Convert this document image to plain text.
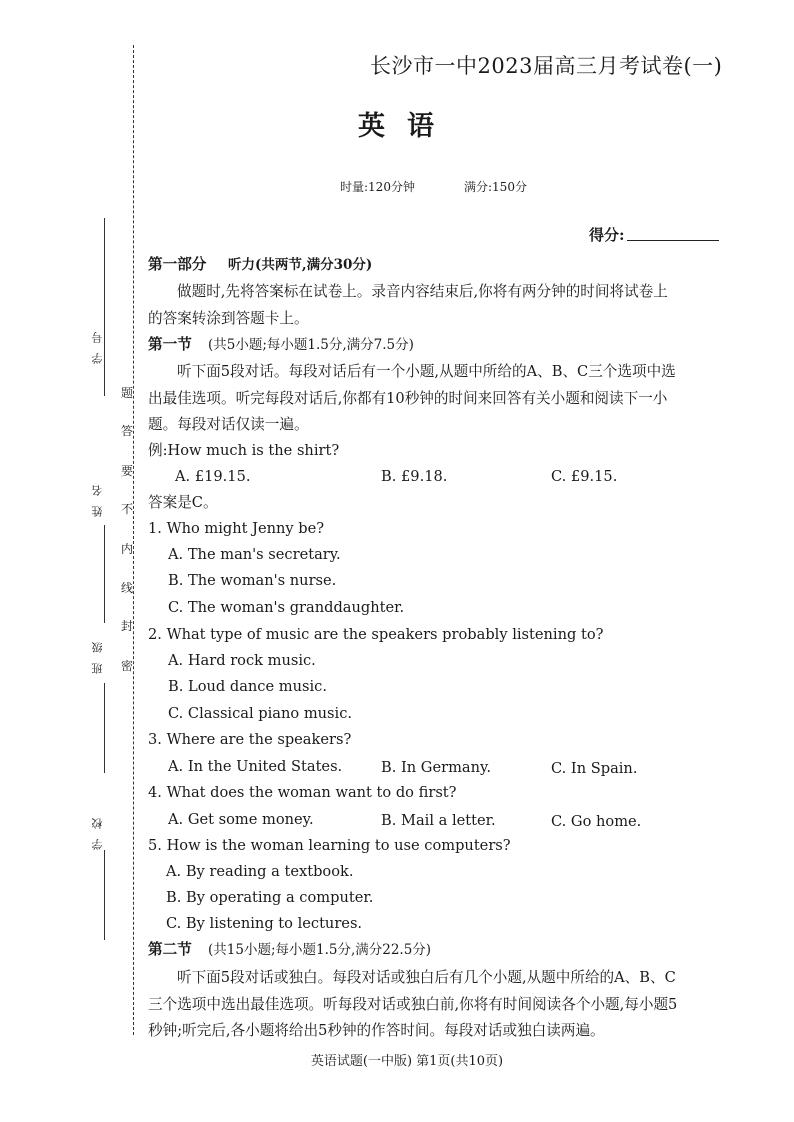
题
答
要
不
内
线
封
密
学号
姓名
班级
学校
长沙市一中2023届高三月考试卷(一)
英语
时量:120分钟	满分:150分
得分:
第一部分 听力(共两节,满分30分)
做题时,先将答案标在试卷上。录音内容结束后,你将有两分钟的时间将试卷上
的答案转涂到答题卡上。
第一节 (共5小题;每小题1.5分,满分7.5分)
听下面5段对话。每段对话后有一个小题,从题中所给的A、B、C三个选项中选
出最佳选项。听完每段对话后,你都有10秒钟的时间来回答有关小题和阅读下一小
题。每段对话仅读一遍。
例:How much is the shirt?
A. £19.15.	B. £9.18.	C. £9.15.
答案是C。
1. Who might Jenny be?
A. The man's secretary.
B. The woman's nurse.
C. The woman's granddaughter.
2. What type of music are the speakers probably listening to?
A. Hard rock music.
B. Loud dance music.
C. Classical piano music.
3. Where are the speakers?
A. In the United States.	B. In Germany.	C. In Spain.
4. What does the woman want to do first?
A. Get some money.	B. Mail a letter.	C. Go home.
5. How is the woman learning to use computers?
A. By reading a textbook.
B. By operating a computer.
C. By listening to lectures.
第二节 (共15小题;每小题1.5分,满分22.5分)
听下面5段对话或独白。每段对话或独白后有几个小题,从题中所给的A、B、C
三个选项中选出最佳选项。听每段对话或独白前,你将有时间阅读各个小题,每小题5
秒钟;听完后,各小题将给出5秒钟的作答时间。每段对话或独白读两遍。
英语试题(一中版) 第1页(共10页)
